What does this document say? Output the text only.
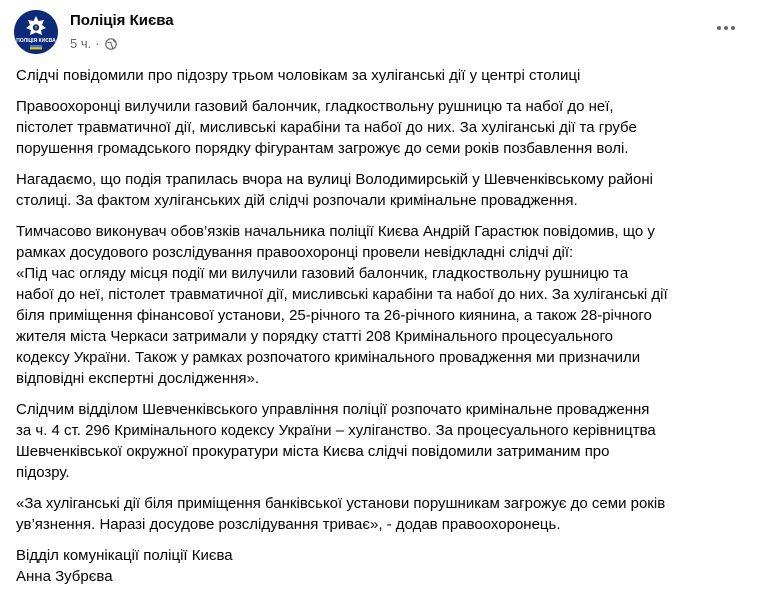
ПОЛІЦІЯ КИЄВА
Поліція Києва
5 ч. ·

Слідчі повідомили про підозру трьом чоловікам за хуліганські дії у центрі столиці

Правоохоронці вилучили газовий балончик, гладкоствольну рушницю та набої до неї,
пістолет травматичної дії, мисливські карабіни та набої до них. За хуліганські дії та грубе
порушення громадського порядку фігурантам загрожує до семи років позбавлення волі.

Нагадаємо, що подія трапилась вчора на вулиці Володимирській у Шевченківському районі
столиці. За фактом хуліганських дій слідчі розпочали кримінальне провадження.

Тимчасово виконувач обов’язків начальника поліції Києва Андрій Гарастюк повідомив, що у
рамках досудового розслідування правоохоронці провели невідкладні слідчі дії:
«Під час огляду місця події ми вилучили газовий балончик, гладкоствольну рушницю та
набої до неї, пістолет травматичної дії, мисливські карабіни та набої до них. За хуліганські дії
біля приміщення фінансової установи, 25-річного та 26-річного киянина, а також 28-річного
жителя міста Черкаси затримали у порядку статті 208 Кримінального процесуального
кодексу України. Також у рамках розпочатого кримінального провадження ми призначили
відповідні експертні дослідження».

Слідчим відділом Шевченківського управління поліції розпочато кримінальне провадження
за ч. 4 ст. 296 Кримінального кодексу України – хуліганство. За процесуального керівництва
Шевченківської окружної прокуратури міста Києва слідчі повідомили затриманим про
підозру.

«За хуліганські дії біля приміщення банківської установи порушникам загрожує до семи років
ув’язнення. Наразі досудове розслідування триває», - додав правоохоронець.

Відділ комунікації поліції Києва
Анна Зубрєва
